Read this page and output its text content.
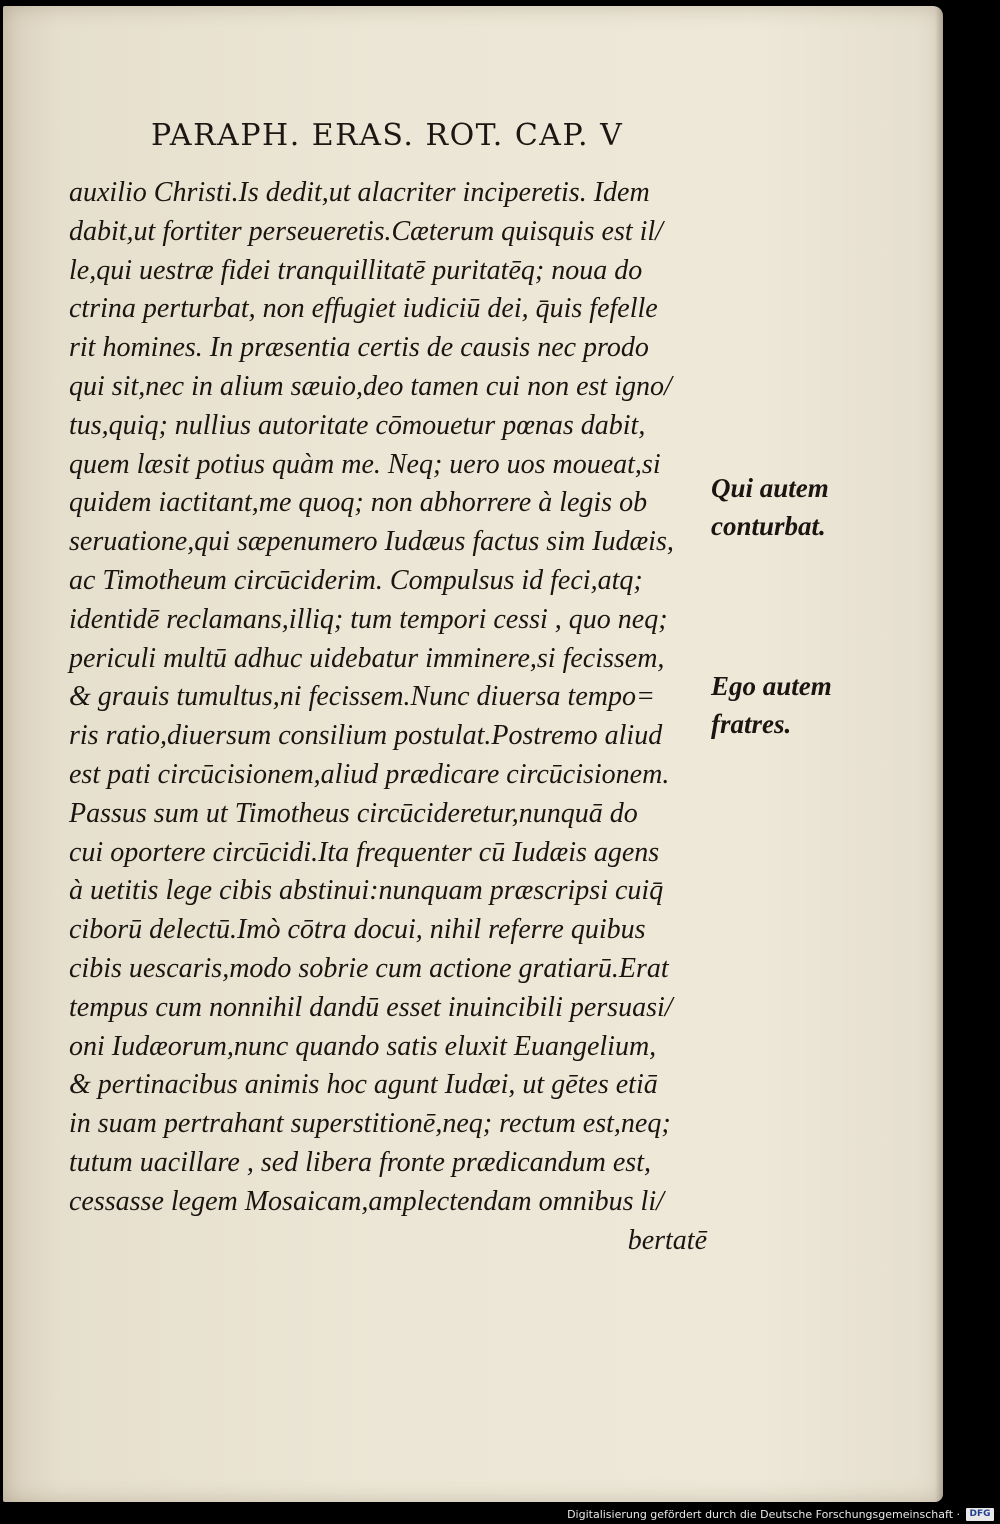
PARAPH. ERAS. ROT. CAP. V
auxilio Christi.Is dedit,ut alacriter inciperetis. Idem
dabit,ut fortiter perseueretis.Cæterum quisquis est il/
le,qui uestræ fidei tranquillitatē puritatēq; noua do
ctrina perturbat, non effugiet iudiciū dei, q̄uis fefelle
rit homines. In præsentia certis de causis nec prodo
qui sit,nec in alium sæuio,deo tamen cui non est igno/
tus,quiq; nullius autoritate cōmouetur pœnas dabit,
quem læsit potius quàm me. Neq; uero uos moueat,si
quidem iactitant,me quoq; non abhorrere à legis ob
seruatione,qui sæpenumero Iudæus factus sim Iudæis,
ac Timotheum circūciderim. Compulsus id feci,atq;
identidē reclamans,illiq; tum tempori cessi , quo neq;
periculi multū adhuc uidebatur imminere,si fecissem,
& grauis tumultus,ni fecissem.Nunc diuersa tempo=
ris ratio,diuersum consilium postulat.Postremo aliud
est pati circūcisionem,aliud prædicare circūcisionem.
Passus sum ut Timotheus circūcideretur,nunquā do
cui oportere circūcidi.Ita frequenter cū Iudæis agens
à uetitis lege cibis abstinui:nunquam præscripsi cuiq̄
ciborū delectū.Imò cōtra docui, nihil referre quibus
cibis uescaris,modo sobrie cum actione gratiarū.Erat
tempus cum nonnihil dandū esset inuincibili persuasi/
oni Iudæorum,nunc quando satis eluxit Euangelium,
& pertinacibus animis hoc agunt Iudæi, ut gētes etiā
in suam pertrahant superstitionē,neq; rectum est,neq;
tutum uacillare , sed libera fronte prædicandum est,
cessasse legem Mosaicam,amplectendam omnibus li/
bertatē
Qui autem
conturbat.
Ego autem
fratres.
Digitalisierung gefördert durch die Deutsche Forschungsgemeinschaft ·	DFG
